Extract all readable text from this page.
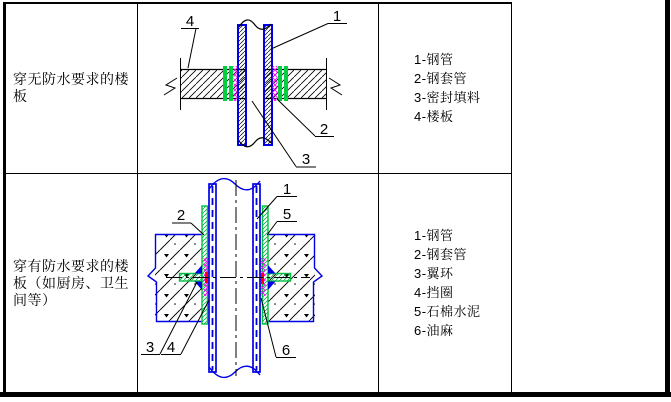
穿无防水要求的楼板
4	1
2
3
1-钢管
2-钢套管
3-密封填料
4-楼板
穿有防水要求的楼板（如厨房、卫生间等）
2
1
5
3 4	6
1-钢管
2-钢套管
3-翼环
4-挡圈
5-石棉水泥
6-油麻
